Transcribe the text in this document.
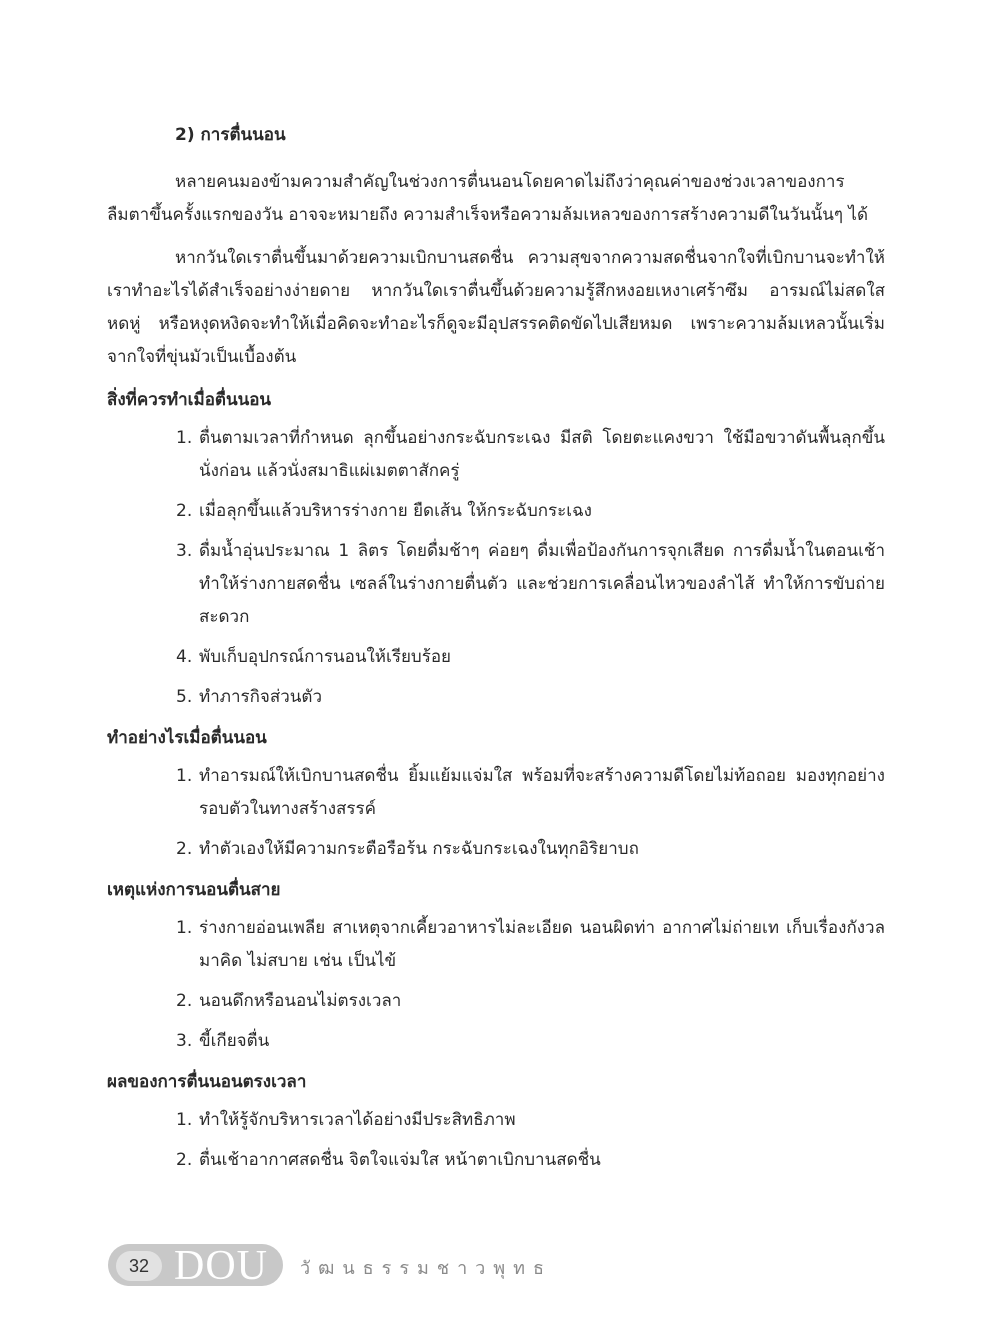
2) การตื่นนอน

หลายคนมองข้ามความสำคัญในช่วงการตื่นนอนโดยคาดไม่ถึงว่าคุณค่าของช่วงเวลาของการลืมตาขึ้นครั้งแรกของวัน อาจจะหมายถึง ความสำเร็จหรือความล้มเหลวของการสร้างความดีในวันนั้นๆ ได้

หากวันใดเราตื่นขึ้นมาด้วยความเบิกบานสดชื่น ความสุขจากความสดชื่นจากใจที่เบิกบานจะทำให้เราทำอะไรได้สำเร็จอย่างง่ายดาย หากวันใดเราตื่นขึ้นด้วยความรู้สึกหงอยเหงาเศร้าซึม อารมณ์ไม่สดใส หดหู่ หรือหงุดหงิดจะทำให้เมื่อคิดจะทำอะไรก็ดูจะมีอุปสรรคติดขัดไปเสียหมด เพราะความล้มเหลวนั้นเริ่มจากใจที่ขุ่นมัวเป็นเบื้องต้น

สิ่งที่ควรทำเมื่อตื่นนอน

1. ตื่นตามเวลาที่กำหนด ลุกขึ้นอย่างกระฉับกระเฉง มีสติ โดยตะแคงขวา ใช้มือขวาดันพื้นลุกขึ้นนั่งก่อน แล้วนั่งสมาธิแผ่เมตตาสักครู่
2. เมื่อลุกขึ้นแล้วบริหารร่างกาย ยืดเส้น ให้กระฉับกระเฉง
3. ดื่มน้ำอุ่นประมาณ 1 ลิตร โดยดื่มช้าๆ ค่อยๆ ดื่มเพื่อป้องกันการจุกเสียด การดื่มน้ำในตอนเช้า ทำให้ร่างกายสดชื่น เซลล์ในร่างกายตื่นตัว และช่วยการเคลื่อนไหวของลำไส้ ทำให้การขับถ่ายสะดวก
4. พับเก็บอุปกรณ์การนอนให้เรียบร้อย
5. ทำภารกิจส่วนตัว

ทำอย่างไรเมื่อตื่นนอน

1. ทำอารมณ์ให้เบิกบานสดชื่น ยิ้มแย้มแจ่มใส พร้อมที่จะสร้างความดีโดยไม่ท้อถอย มองทุกอย่างรอบตัวในทางสร้างสรรค์
2. ทำตัวเองให้มีความกระตือรือร้น กระฉับกระเฉงในทุกอิริยาบถ

เหตุแห่งการนอนตื่นสาย

1. ร่างกายอ่อนเพลีย สาเหตุจากเคี้ยวอาหารไม่ละเอียด นอนผิดท่า อากาศไม่ถ่ายเท เก็บเรื่องกังวลมาคิด ไม่สบาย เช่น เป็นไข้
2. นอนดึกหรือนอนไม่ตรงเวลา
3. ขี้เกียจตื่น

ผลของการตื่นนอนตรงเวลา

1. ทำให้รู้จักบริหารเวลาได้อย่างมีประสิทธิภาพ
2. ตื่นเช้าอากาศสดชื่น จิตใจแจ่มใส หน้าตาเบิกบานสดชื่น
32 DOU วัฒนธรรมชาวพุทธ
